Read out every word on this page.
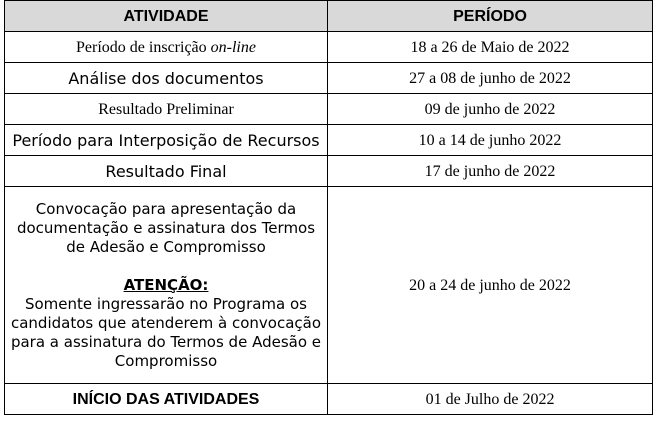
ATIVIDADE	PERÍODO
Período de inscrição on-line	18 a 26 de Maio de 2022
Análise dos documentos	27 a 08 de junho de 2022
Resultado Preliminar	09 de junho de 2022
Período para Interposição de Recursos	10 a 14 de junho 2022
Resultado Final	17 de junho de 2022

Convocação para apresentação da documentação e assinatura dos Termos de Adesão e Compromisso
ATENÇÃO:
Somente ingressarão no Programa os candidatos que atenderem à convocação para a assinatura do Termos de Adesão e Compromisso	20 a 24 de junho de 2022
INÍCIO DAS ATIVIDADES	01 de Julho de 2022
